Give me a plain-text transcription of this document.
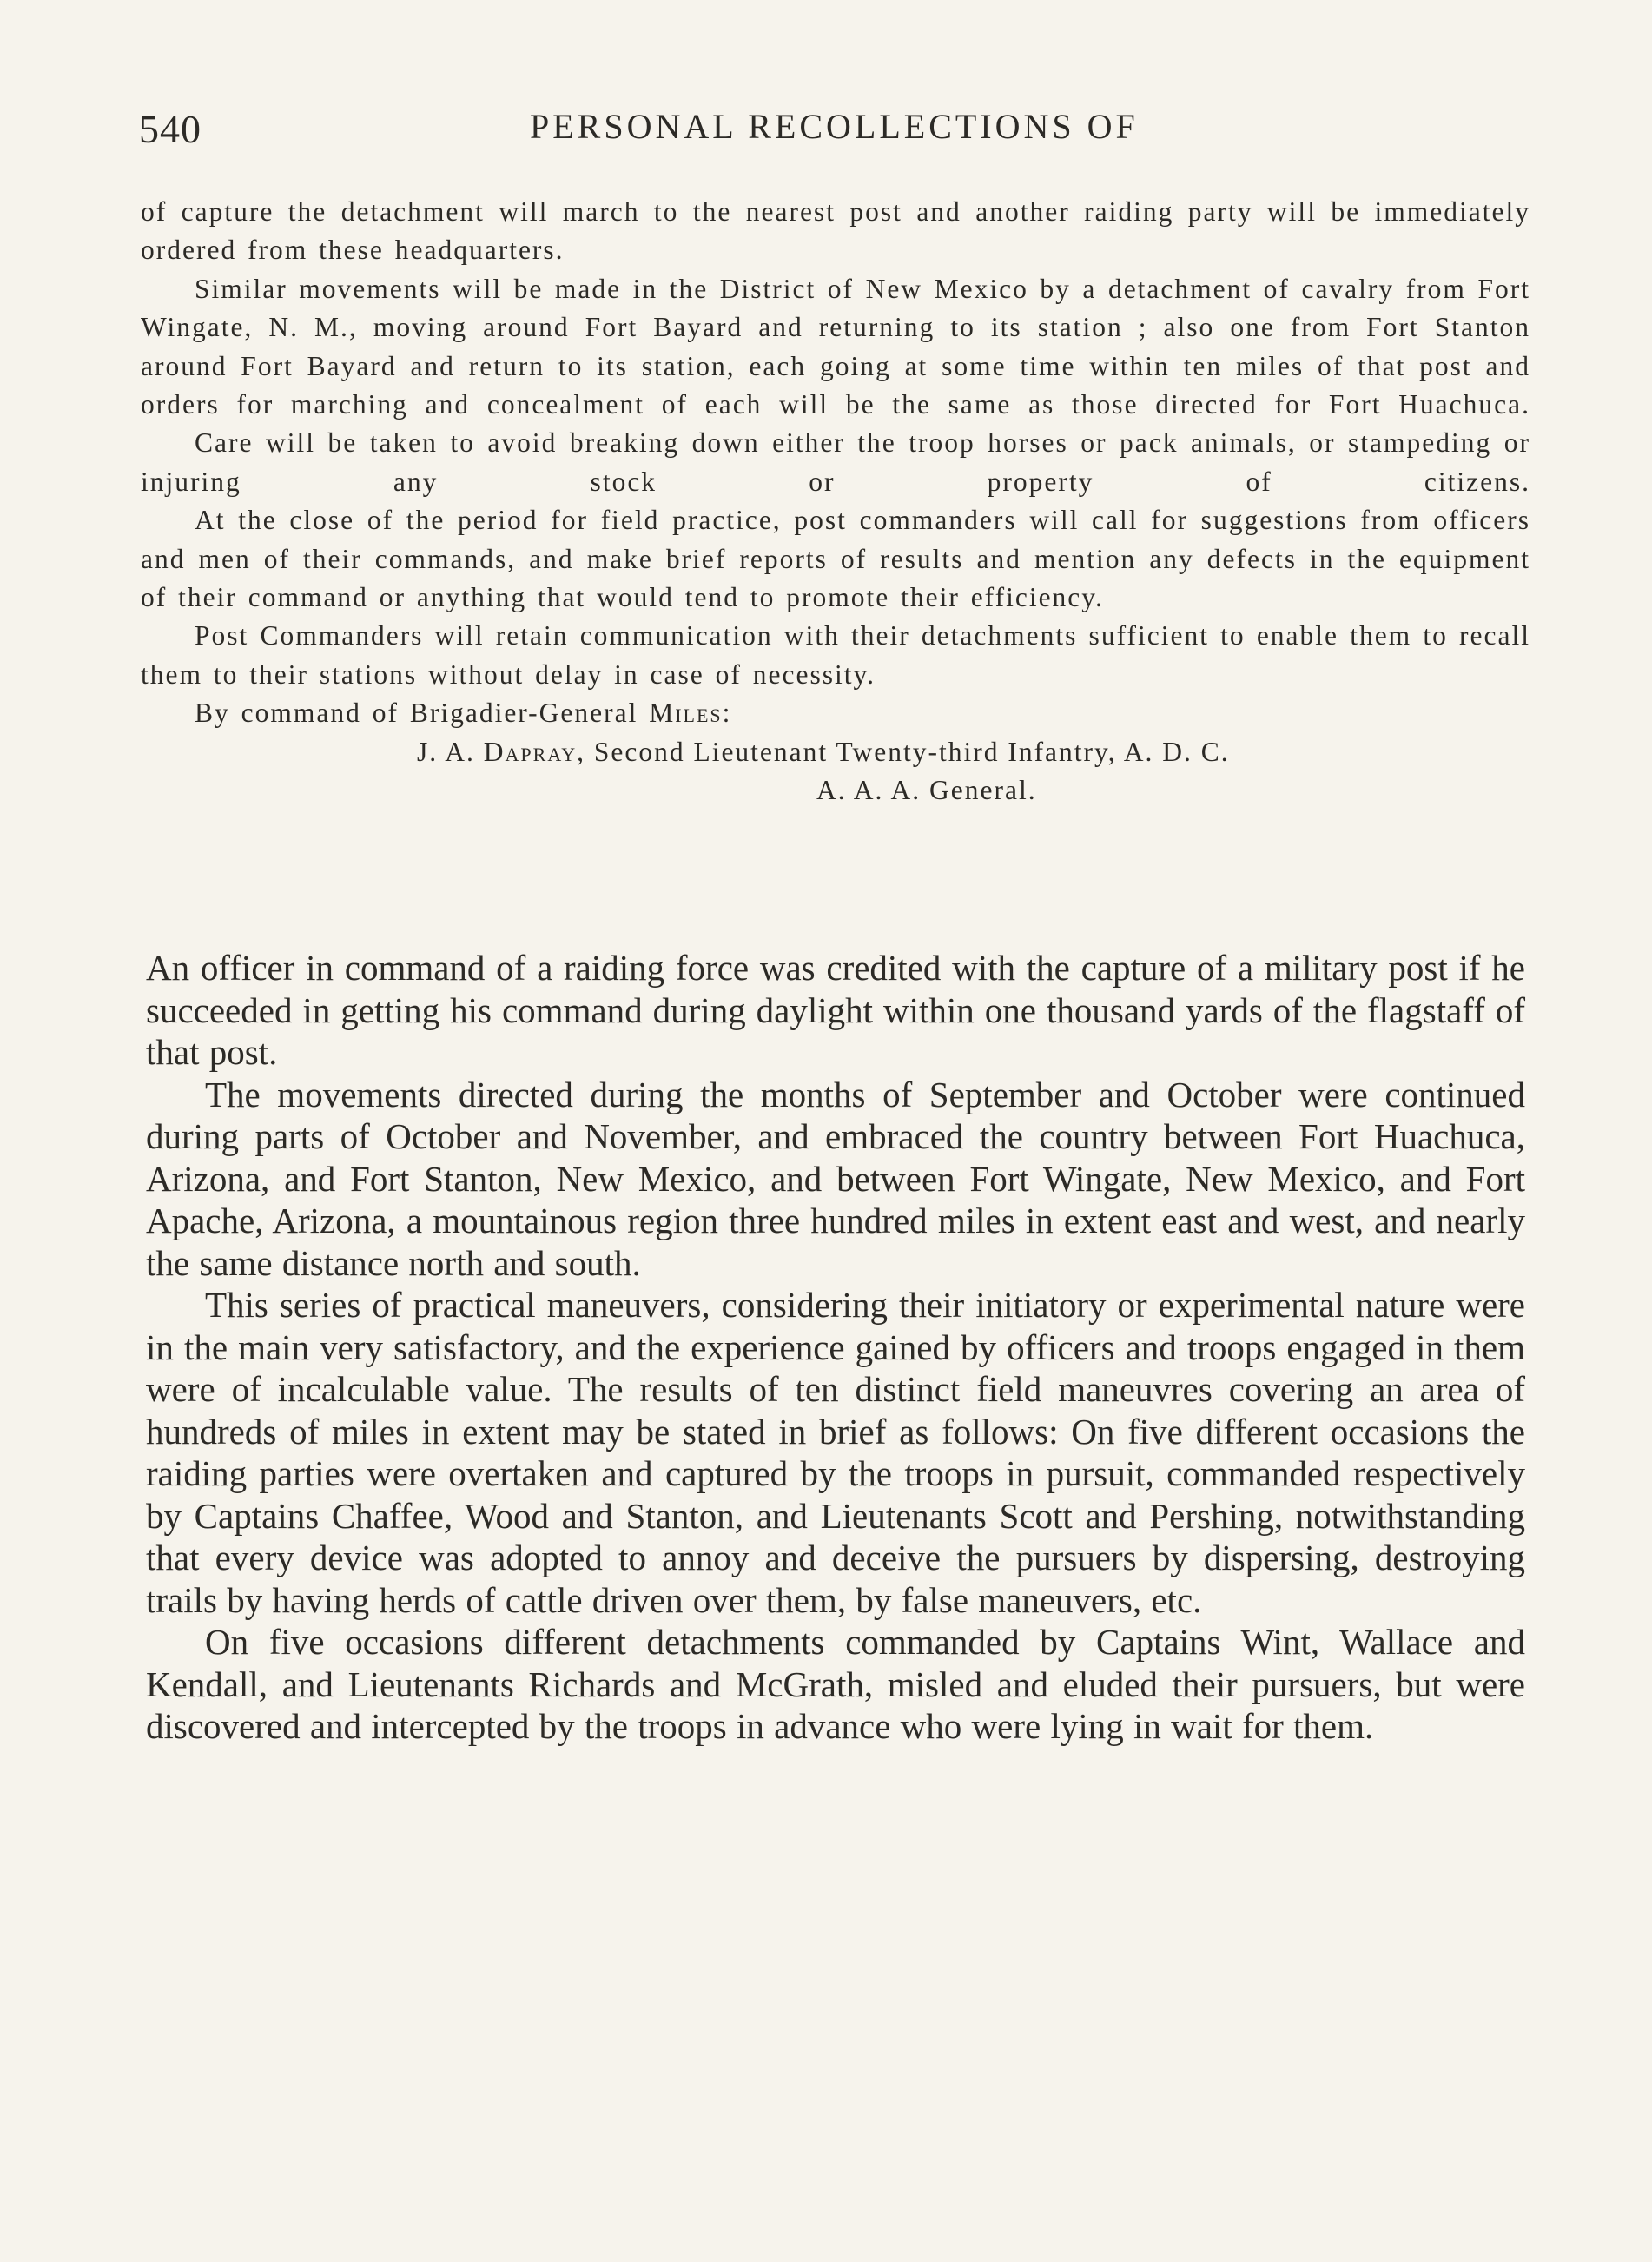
540	PERSONAL RECOLLECTIONS OF

of capture the detachment will march to the nearest post and another raiding party will be immediately ordered from these headquarters.

Similar movements will be made in the District of New Mexico by a detachment of cavalry from Fort Wingate, N. M., moving around Fort Bayard and returning to its station ; also one from Fort Stanton around Fort Bayard and return to its station, each going at some time within ten miles of that post and orders for marching and concealment of each will be the same as those directed for Fort Huachuca.

Care will be taken to avoid breaking down either the troop horses or pack animals, or stampeding or injuring any stock or property of citizens.

At the close of the period for field practice, post commanders will call for suggestions from officers and men of their commands, and make brief reports of results and mention any defects in the equipment of their command or anything that would tend to promote their efficiency.

Post Commanders will retain communication with their detachments sufficient to enable them to recall them to their stations without delay in case of necessity.

By command of Brigadier-General Miles:

J. A. Dapray, Second Lieutenant Twenty-third Infantry, A. D. C.
A. A. A. General.

An officer in command of a raiding force was credited with the capture of a military post if he succeeded in getting his command during daylight within one thousand yards of the flagstaff of that post.

The movements directed during the months of September and October were continued during parts of October and November, and embraced the country between Fort Huachuca, Arizona, and Fort Stanton, New Mexico, and between Fort Wingate, New Mexico, and Fort Apache, Arizona, a mountainous region three hundred miles in extent east and west, and nearly the same distance north and south.

This series of practical maneuvers, considering their initiatory or experimental nature were in the main very satisfactory, and the experience gained by officers and troops engaged in them were of incalculable value. The results of ten distinct field maneuvres covering an area of hundreds of miles in extent may be stated in brief as follows: On five different occasions the raiding parties were overtaken and captured by the troops in pursuit, commanded respectively by Captains Chaffee, Wood and Stanton, and Lieutenants Scott and Pershing, notwithstanding that every device was adopted to annoy and deceive the pursuers by dispersing, destroying trails by having herds of cattle driven over them, by false maneuvers, etc.

On five occasions different detachments commanded by Captains Wint, Wallace and Kendall, and Lieutenants Richards and McGrath, misled and eluded their pursuers, but were discovered and intercepted by the troops in advance who were lying in wait for them.
